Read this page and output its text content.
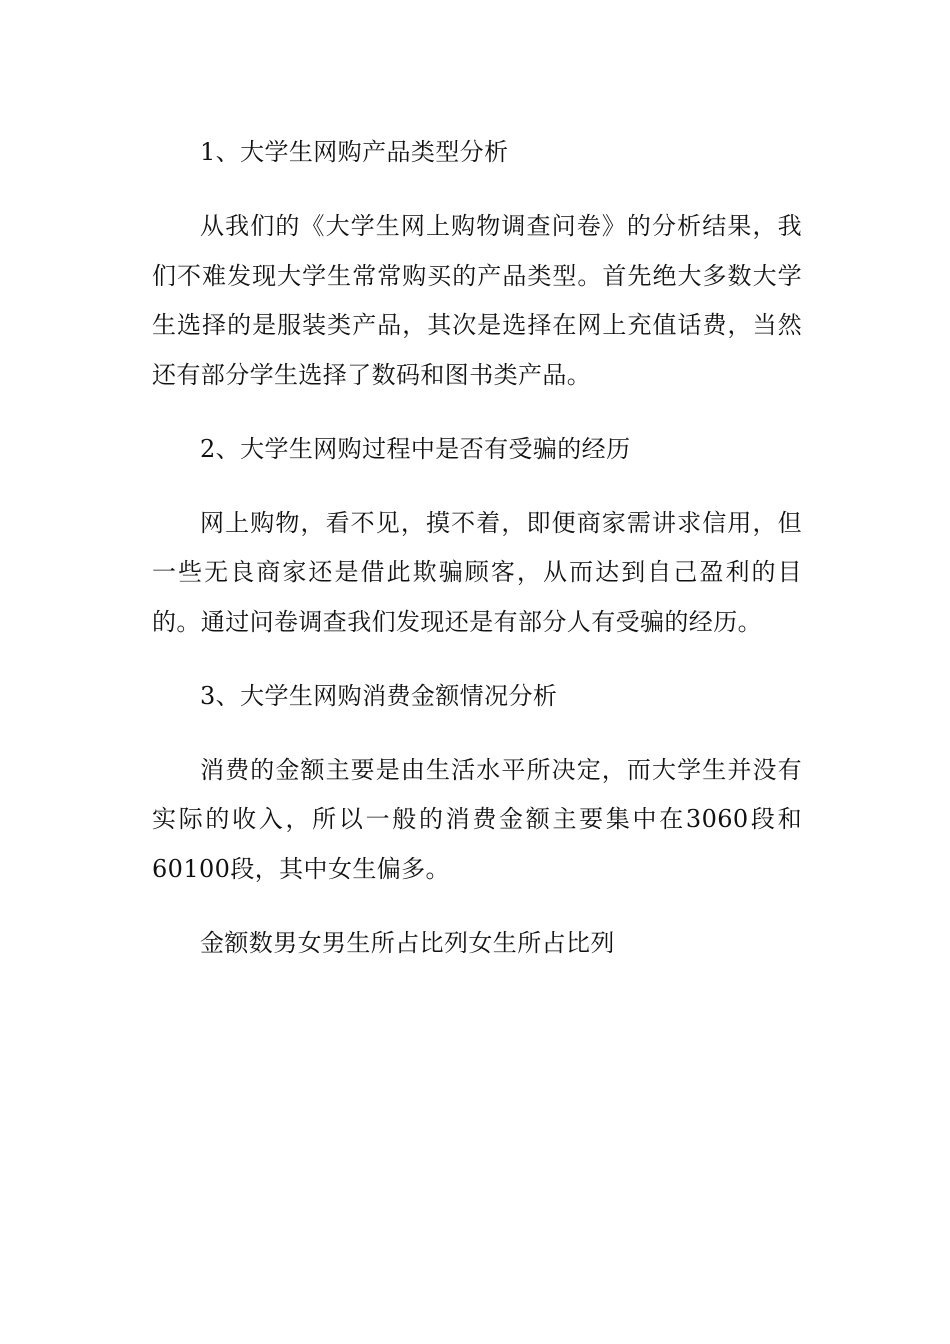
1、大学生网购产品类型分析
从我们的《大学生网上购物调查问卷》的分析结果，我们不难发现大学生常常购买的产品类型。首先绝大多数大学生选择的是服装类产品，其次是选择在网上充值话费，当然还有部分学生选择了数码和图书类产品。
2、大学生网购过程中是否有受骗的经历
网上购物，看不见，摸不着，即便商家需讲求信用，但一些无良商家还是借此欺骗顾客，从而达到自己盈利的目的。通过问卷调查我们发现还是有部分人有受骗的经历。
3、大学生网购消费金额情况分析
消费的金额主要是由生活水平所决定，而大学生并没有实际的收入，所以一般的消费金额主要集中在3060段和60100段，其中女生偏多。
金额数男女男生所占比列女生所占比列
